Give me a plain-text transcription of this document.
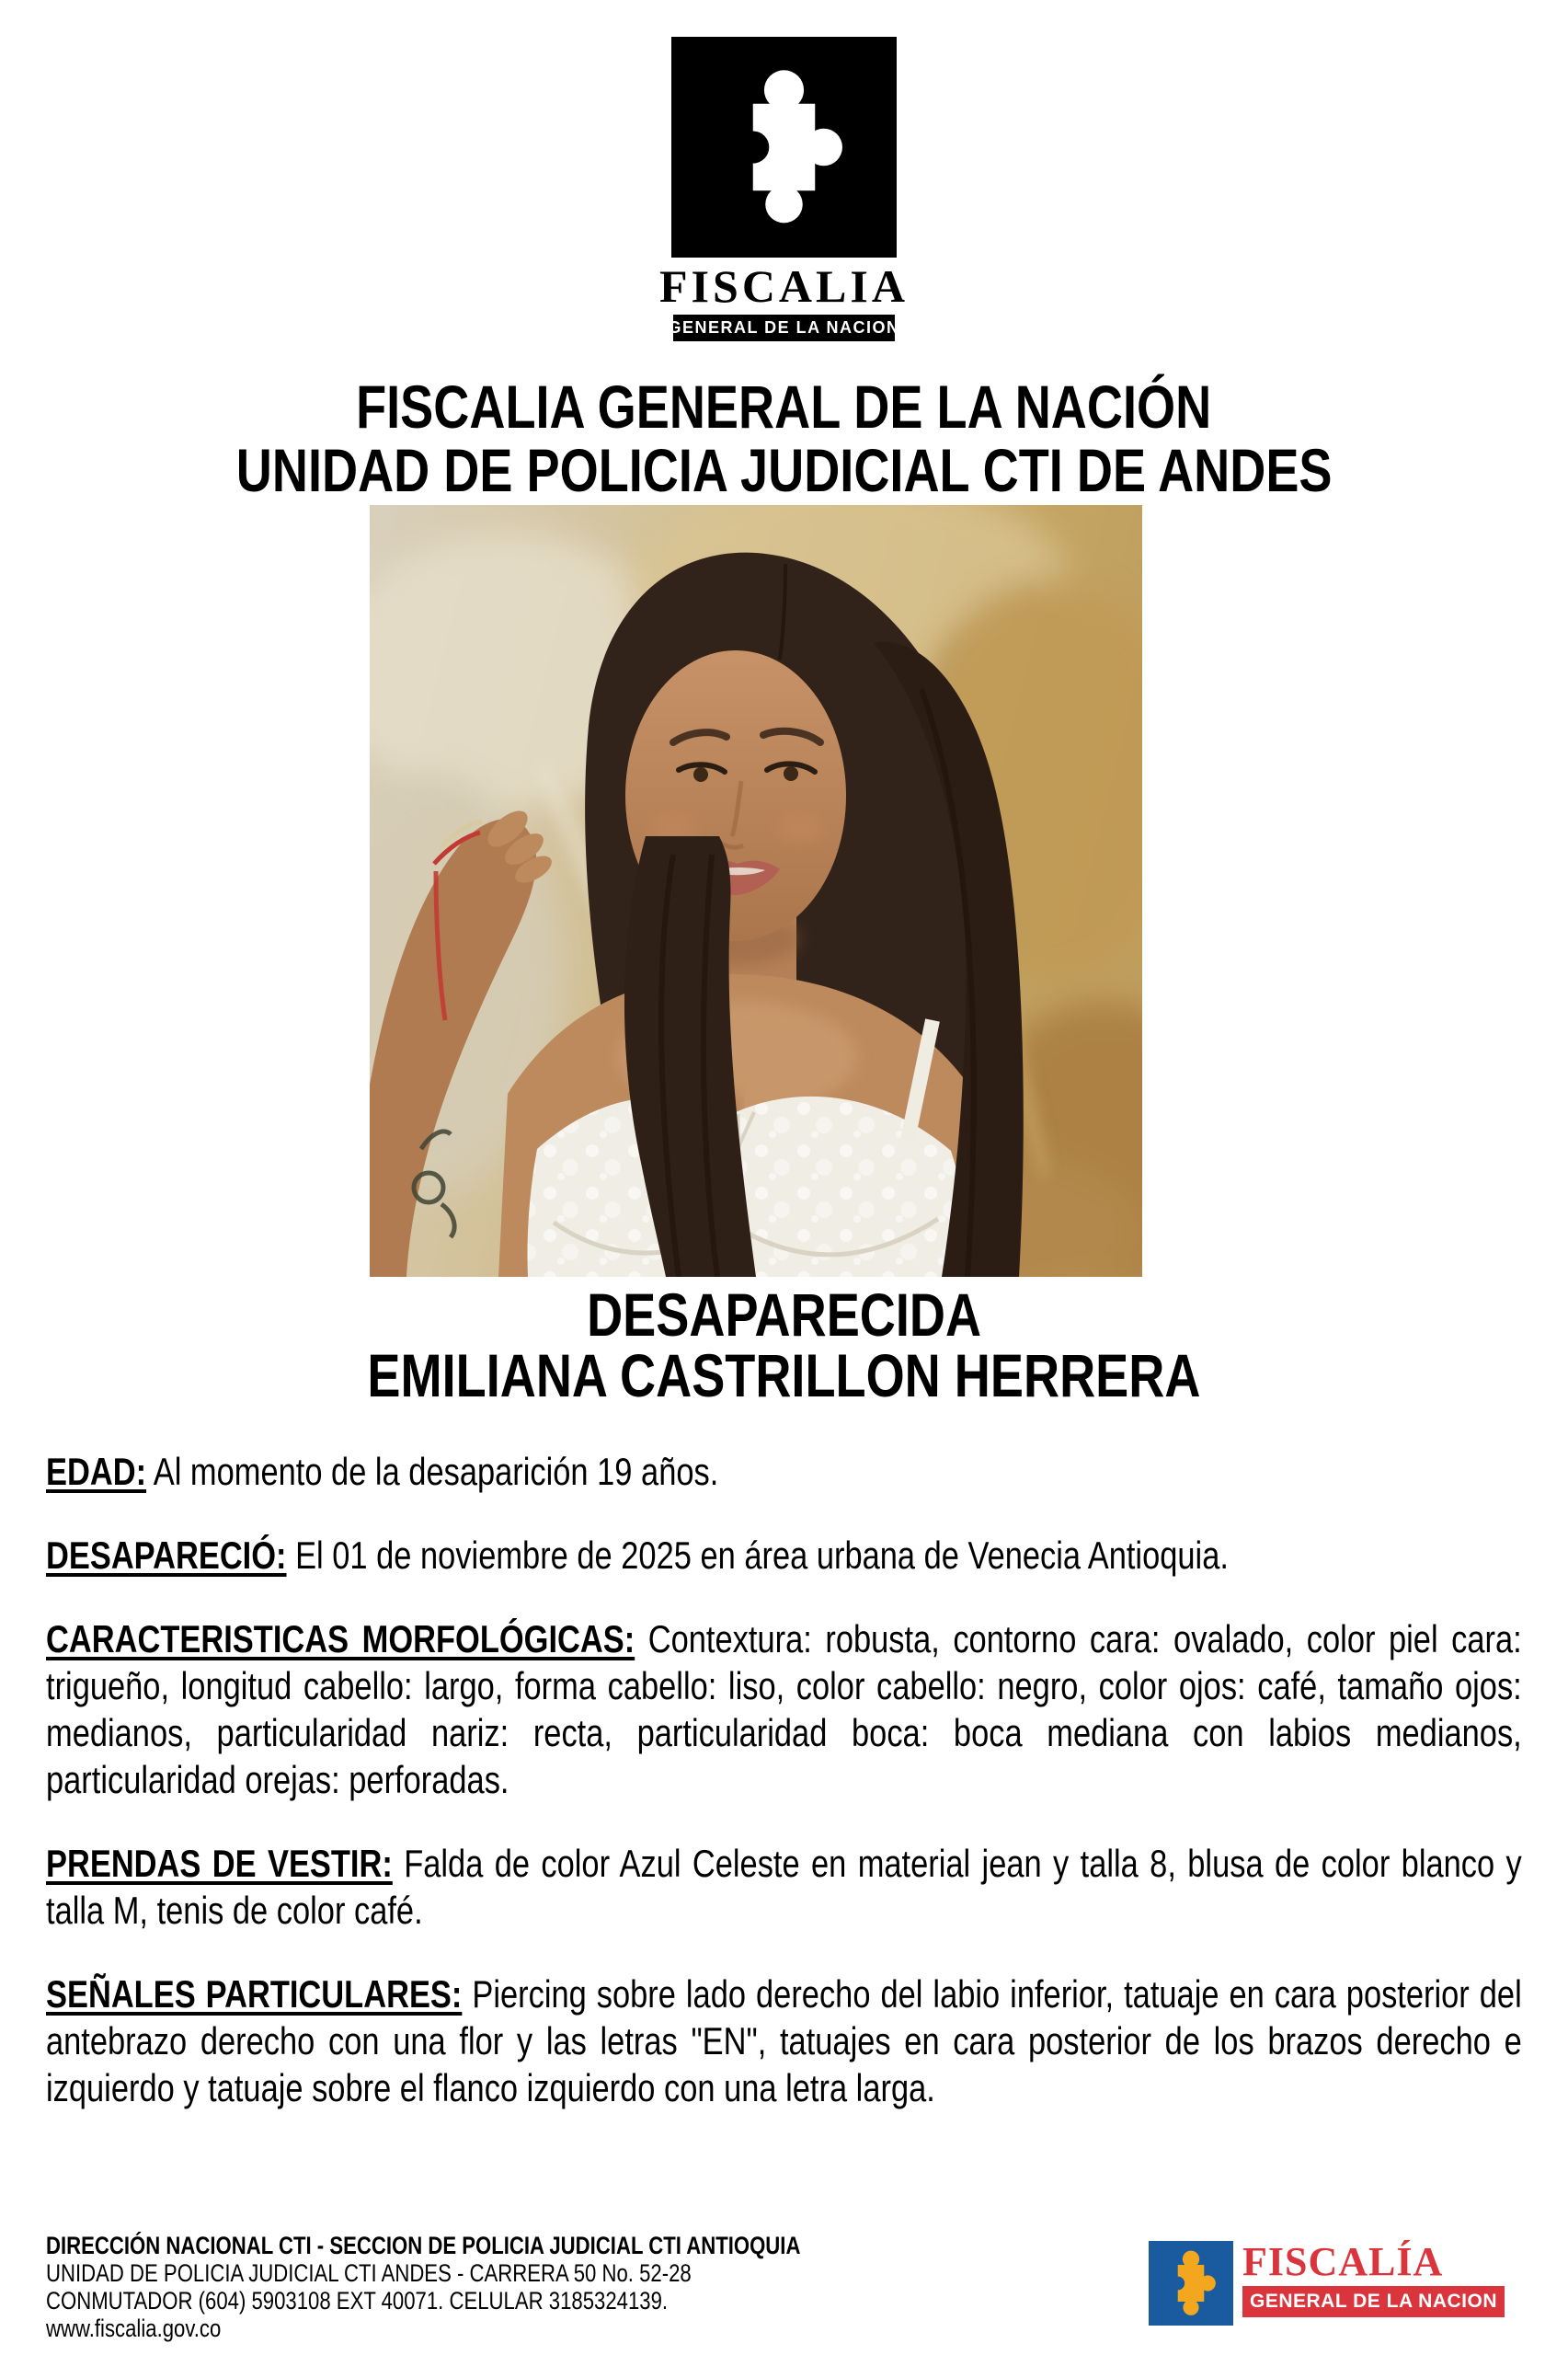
FISCALIA
GENERAL DE LA NACION
FISCALIA GENERAL DE LA NACIÓN
UNIDAD DE POLICIA JUDICIAL CTI DE ANDES
DESAPARECIDA
EMILIANA CASTRILLON HERRERA

EDAD: Al momento de la desaparición 19 años.

DESAPARECIÓ: El 01 de noviembre de 2025 en área urbana de Venecia Antioquia.

CARACTERISTICAS MORFOLÓGICAS: Contextura: robusta, contorno cara: ovalado, color piel cara: trigueño, longitud cabello: largo, forma cabello: liso, color cabello: negro, color ojos: café, tamaño ojos: medianos, particularidad nariz: recta, particularidad boca: boca mediana con labios medianos, particularidad orejas: perforadas.

PRENDAS DE VESTIR: Falda de color Azul Celeste en material jean y talla 8, blusa de color blanco y talla M, tenis de color café.

SEÑALES PARTICULARES: Piercing sobre lado derecho del labio inferior, tatuaje en cara posterior del antebrazo derecho con una flor y las letras "EN", tatuajes en cara posterior de los brazos derecho e izquierdo y tatuaje sobre el flanco izquierdo con una letra larga.

DIRECCIÓN NACIONAL CTI - SECCION DE POLICIA JUDICIAL CTI ANTIOQUIA
UNIDAD DE POLICIA JUDICIAL CTI ANDES - CARRERA 50 No. 52-28
CONMUTADOR (604) 5903108 EXT 40071. CELULAR 3185324139.
www.fiscalia.gov.co
FISCALÍA
GENERAL DE LA NACION
